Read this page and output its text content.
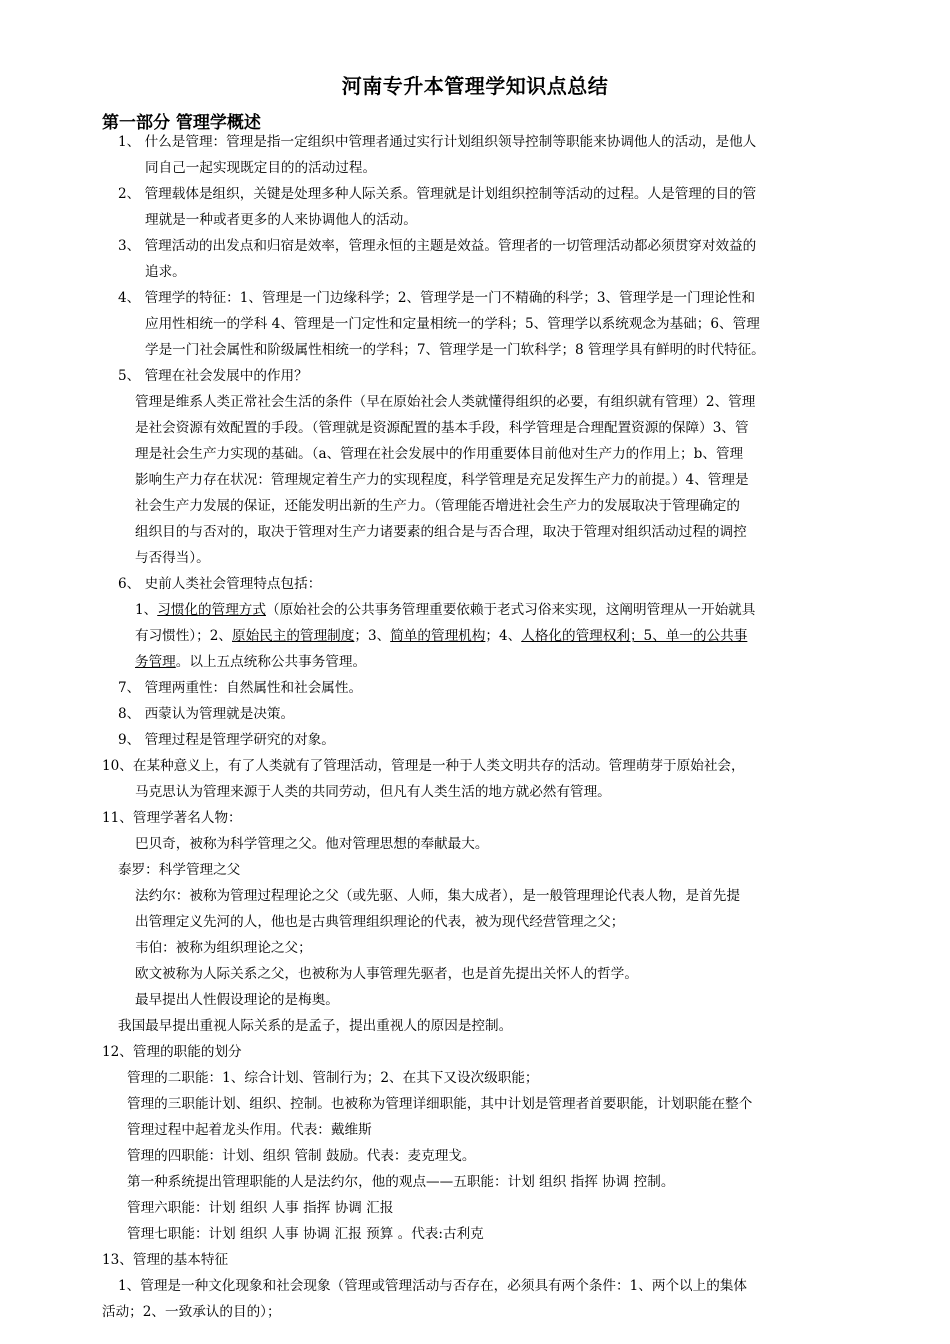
河南专升本管理学知识点总结
第一部分 管理学概述
1、 什么是管理：管理是指一定组织中管理者通过实行计划组织领导控制等职能来协调他人的活动，是他人
同自己一起实现既定目的的活动过程。
2、 管理载体是组织，关键是处理多种人际关系。管理就是计划组织控制等活动的过程。人是管理的目的管
理就是一种或者更多的人来协调他人的活动。
3、 管理活动的出发点和归宿是效率，管理永恒的主题是效益。管理者的一切管理活动都必须贯穿对效益的
追求。
4、 管理学的特征：1、管理是一门边缘科学；2、管理学是一门不精确的科学；3、管理学是一门理论性和
应用性相统一的学科 4、管理是一门定性和定量相统一的学科；5、管理学以系统观念为基础；6、管理
学是一门社会属性和阶级属性相统一的学科；7、管理学是一门软科学；8 管理学具有鲜明的时代特征。
5、 管理在社会发展中的作用？
管理是维系人类正常社会生活的条件（早在原始社会人类就懂得组织的必要，有组织就有管理）2、管理
是社会资源有效配置的手段。（管理就是资源配置的基本手段，科学管理是合理配置资源的保障）3、管
理是社会生产力实现的基础。（a、管理在社会发展中的作用重要体目前他对生产力的作用上；b、管理
影响生产力存在状况：管理规定着生产力的实现程度，科学管理是充足发挥生产力的前提。）4、管理是
社会生产力发展的保证，还能发明出新的生产力。（管理能否增进社会生产力的发展取决于管理确定的
组织目的与否对的，取决于管理对生产力诸要素的组合是与否合理，取决于管理对组织活动过程的调控
与否得当）。
6、 史前人类社会管理特点包括：
1、习惯化的管理方式（原始社会的公共事务管理重要依赖于老式习俗来实现，这阐明管理从一开始就具
有习惯性）；2、原始民主的管理制度；3、简单的管理机构；4、人格化的管理权利；5、单一的公共事
务管理。以上五点统称公共事务管理。
7、 管理两重性：自然属性和社会属性。
8、 西蒙认为管理就是决策。
9、 管理过程是管理学研究的对象。
10、在某种意义上，有了人类就有了管理活动，管理是一种于人类文明共存的活动。管理萌芽于原始社会，
马克思认为管理来源于人类的共同劳动，但凡有人类生活的地方就必然有管理。
11、管理学著名人物：
巴贝奇，被称为科学管理之父。他对管理思想的奉献最大。
泰罗：科学管理之父
法约尔：被称为管理过程理论之父（或先驱、人师，集大成者），是一般管理理论代表人物，是首先提
出管理定义先河的人，他也是古典管理组织理论的代表，被为现代经营管理之父；
韦伯：被称为组织理论之父；
欧文被称为人际关系之父，也被称为人事管理先驱者，也是首先提出关怀人的哲学。
最早提出人性假设理论的是梅奥。
我国最早提出重视人际关系的是孟子，提出重视人的原因是控制。
12、管理的职能的划分
管理的二职能：1、综合计划、管制行为；2、在其下又设次级职能；
管理的三职能计划、组织、控制。也被称为管理详细职能，其中计划是管理者首要职能，计划职能在整个
管理过程中起着龙头作用。代表：戴维斯
管理的四职能：计划、组织 管制 鼓励。代表：麦克理戈。
第一种系统提出管理职能的人是法约尔，他的观点——五职能：计划 组织 指挥 协调 控制。
管理六职能：计划 组织 人事 指挥 协调 汇报
管理七职能：计划 组织 人事 协调 汇报 预算 。代表:古利克
13、管理的基本特征
1、管理是一种文化现象和社会现象（管理或管理活动与否存在，必须具有两个条件：1、两个以上的集体
活动；2、一致承认的目的）；
